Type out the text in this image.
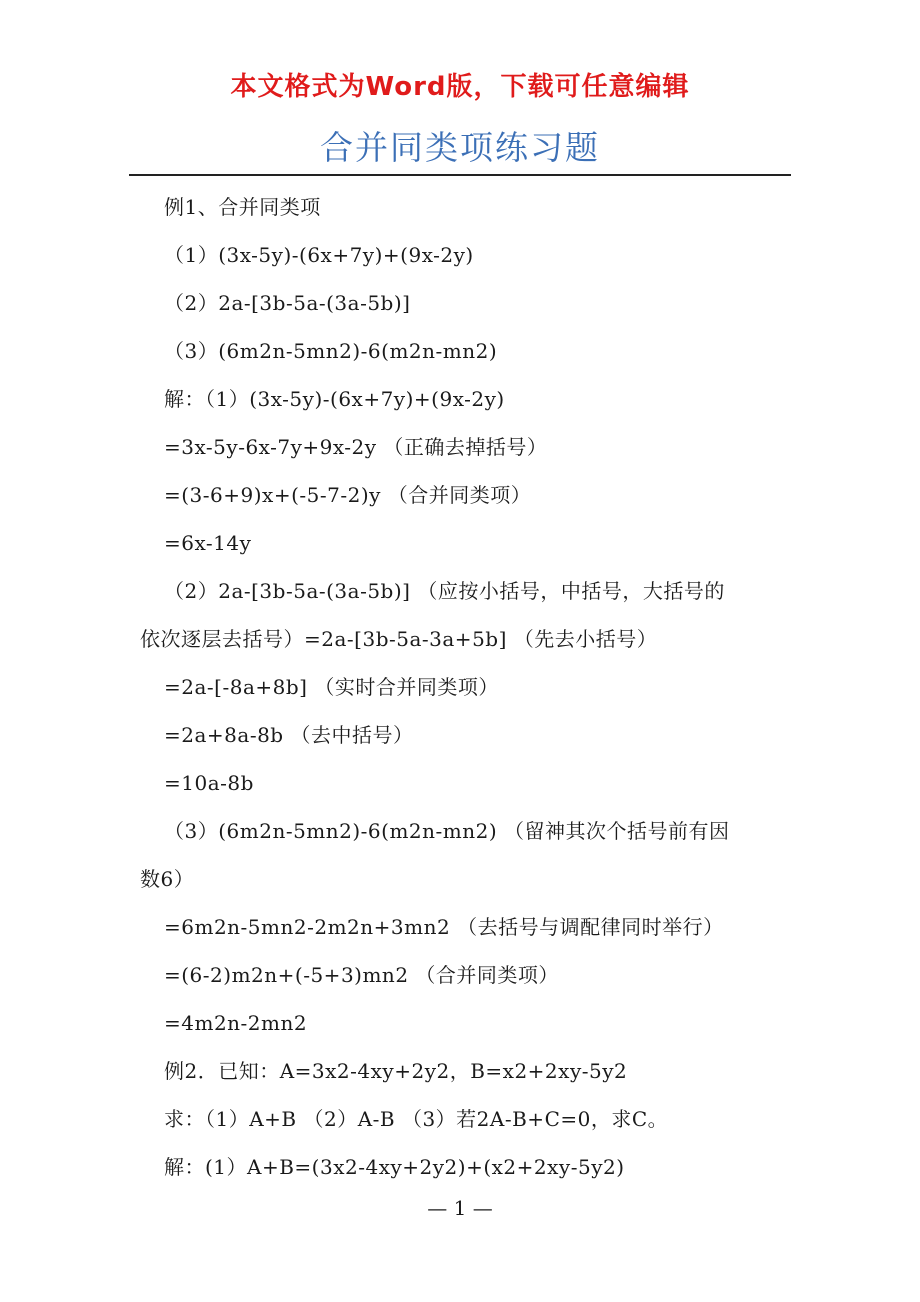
本文格式为Word版，下载可任意编辑
合并同类项练习题
例1、合并同类项
（1）(3x-5y)-(6x+7y)+(9x-2y)
（2）2a-[3b-5a-(3a-5b)]
（3）(6m2n-5mn2)-6(m2n-mn2)
解：（1）(3x-5y)-(6x+7y)+(9x-2y)
=3x-5y-6x-7y+9x-2y （正确去掉括号）
=(3-6+9)x+(-5-7-2)y （合并同类项）
=6x-14y
（2）2a-[3b-5a-(3a-5b)] （应按小括号，中括号，大括号的
依次逐层去括号）=2a-[3b-5a-3a+5b] （先去小括号）
=2a-[-8a+8b] （实时合并同类项）
=2a+8a-8b （去中括号）
=10a-8b
（3）(6m2n-5mn2)-6(m2n-mn2) （留神其次个括号前有因
数6）
=6m2n-5mn2-2m2n+3mn2 （去括号与调配律同时举行）
=(6-2)m2n+(-5+3)mn2 （合并同类项）
=4m2n-2mn2
例2．已知：A=3x2-4xy+2y2，B=x2+2xy-5y2
求：（1）A+B （2）A-B （3）若2A-B+C=0，求C。
解：(1）A+B=(3x2-4xy+2y2)+(x2+2xy-5y2)
— 1 —
